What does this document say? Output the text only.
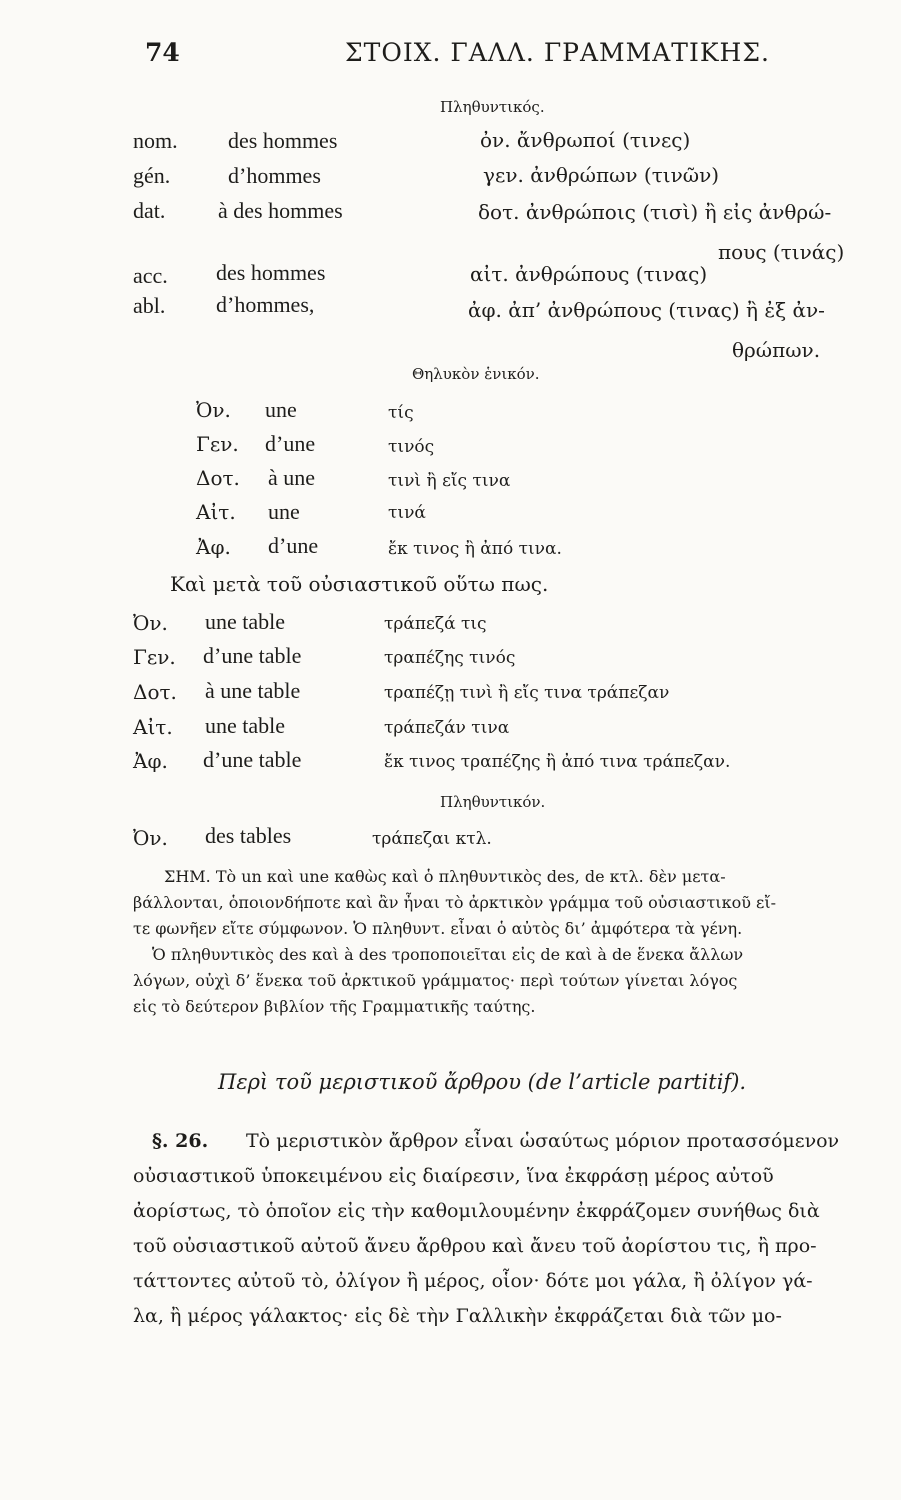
74	ΣΤΟΙΧ. ΓΑΛΛ. ΓΡΑΜΜΑΤΙΚΗΣ.
Πληθυντικός.
nom. des hommes	ὀν. ἄνθρωποί (τινες)
gén.	d’hommes	γεν. ἀνθρώπων (τινῶν)
dat. à des hommes	δοτ. ἀνθρώποις (τισὶ) ἢ εἰς ἀνθρώ-
πους (τινάς)
acc. des hommes	αἰτ. ἀνθρώπους (τινας)
abl. d’hommes,	ἀφ. ἀπ’ ἀνθρώπους (τινας) ἢ ἐξ ἀν-
θρώπων.
Θηλυκὸν ἑνικόν.
Ὀν. une	τίς
Γεν. d’une	τινός
Δοτ. à une	τινὶ ἢ εἴς τινα
Αἰτ. une	τινά
Ἀφ. d’une	ἔκ τινος ἢ ἀπό τινα.
Καὶ μετὰ τοῦ οὐσιαστικοῦ οὕτω πως.
Ὀν. une table	τράπεζά τις
Γεν. d’une table	τραπέζης τινός
Δοτ. à une table	τραπέζῃ τινὶ ἢ εἴς τινα τράπεζαν
Αἰτ. une table	τράπεζάν τινα
Ἀφ. d’une table	ἔκ τινος τραπέζης ἢ ἀπό τινα τράπεζαν.
Πληθυντικόν.
Ὀν. des tables	τράπεζαι κτλ.
ΣΗΜ. Τὸ un καὶ une καθὼς καὶ ὁ πληθυντικὸς des, de κτλ. δὲν μετα-
βάλλονται, ὁποιονδήποτε καὶ ἂν ἦναι τὸ ἀρκτικὸν γράμμα τοῦ οὐσιαστικοῦ εἴ-
τε φωνῆεν εἴτε σύμφωνον. Ὁ πληθυντ. εἶναι ὁ αὐτὸς δι’ ἀμφότερα τὰ γένη.
Ὁ πληθυντικὸς des καὶ à des τροποποιεῖται εἰς de καὶ à de ἕνεκα ἄλλων
λόγων, οὐχὶ δ’ ἕνεκα τοῦ ἀρκτικοῦ γράμματος· περὶ τούτων γίνεται λόγος
εἰς τὸ δεύτερον βιβλίον τῆς Γραμματικῆς ταύτης.
Περὶ τοῦ μεριστικοῦ ἄρθρου (de l’article partitif).
§. 26. Τὸ μεριστικὸν ἄρθρον εἶναι ὡσαύτως μόριον προτασσόμενον
οὐσιαστικοῦ ὑποκειμένου εἰς διαίρεσιν, ἵνα ἐκφράσῃ μέρος αὐτοῦ
ἀορίστως, τὸ ὁποῖον εἰς τὴν καθομιλουμένην ἐκφράζομεν συνήθως διὰ
τοῦ οὐσιαστικοῦ αὐτοῦ ἄνευ ἄρθρου καὶ ἄνευ τοῦ ἀορίστου τις, ἢ προ-
τάττοντες αὐτοῦ τὸ, ὀλίγον ἢ μέρος, οἷον· δότε μοι γάλα, ἢ ὀλίγον γά-
λα, ἢ μέρος γάλακτος· εἰς δὲ τὴν Γαλλικὴν ἐκφράζεται διὰ τῶν μο-
